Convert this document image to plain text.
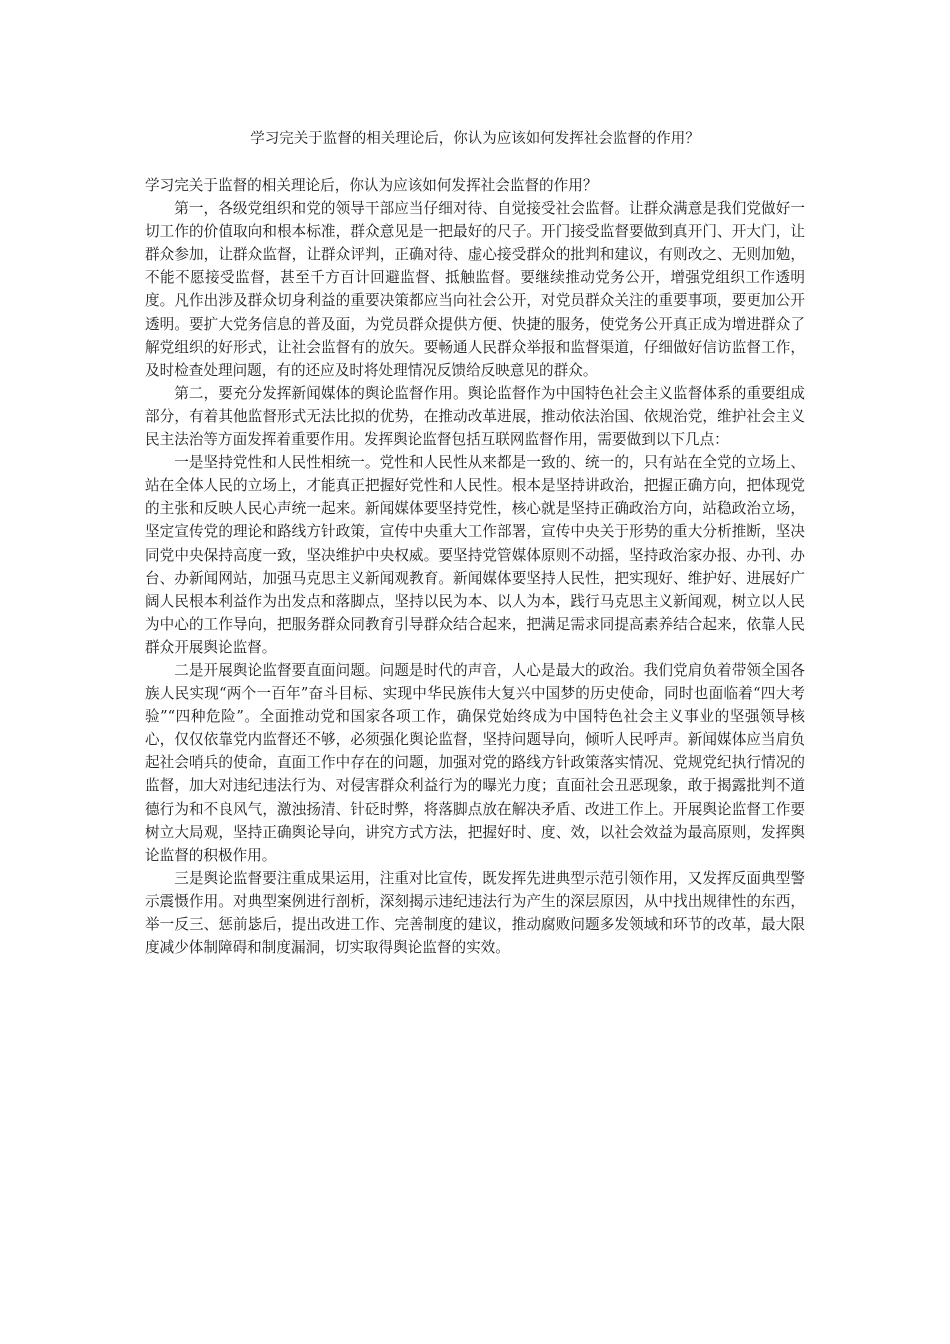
学习完关于监督的相关理论后，你认为应该如何发挥社会监督的作用？

学习完关于监督的相关理论后，你认为应该如何发挥社会监督的作用？

第一，各级党组织和党的领导干部应当仔细对待、自觉接受社会监督。让群众满意是我们党做好一切工作的价值取向和根本标准，群众意见是一把最好的尺子。开门接受监督要做到真开门、开大门，让群众参加，让群众监督，让群众评判，正确对待、虚心接受群众的批判和建议，有则改之、无则加勉，不能不愿接受监督，甚至千方百计回避监督、抵触监督。要继续推动党务公开，增强党组织工作透明度。凡作出涉及群众切身利益的重要决策都应当向社会公开，对党员群众关注的重要事项，要更加公开透明。要扩大党务信息的普及面，为党员群众提供方便、快捷的服务，使党务公开真正成为增进群众了解党组织的好形式，让社会监督有的放矢。要畅通人民群众举报和监督渠道，仔细做好信访监督工作，及时检查处理问题，有的还应及时将处理情况反馈给反映意见的群众。

第二，要充分发挥新闻媒体的舆论监督作用。舆论监督作为中国特色社会主义监督体系的重要组成部分，有着其他监督形式无法比拟的优势，在推动改革进展，推动依法治国、依规治党，维护社会主义民主法治等方面发挥着重要作用。发挥舆论监督包括互联网监督作用，需要做到以下几点：

一是坚持党性和人民性相统一。党性和人民性从来都是一致的、统一的，只有站在全党的立场上、站在全体人民的立场上，才能真正把握好党性和人民性。根本是坚持讲政治，把握正确方向，把体现党的主张和反映人民心声统一起来。新闻媒体要坚持党性，核心就是坚持正确政治方向，站稳政治立场，坚定宣传党的理论和路线方针政策，宣传中央重大工作部署，宣传中央关于形势的重大分析推断，坚决同党中央保持高度一致，坚决维护中央权威。要坚持党管媒体原则不动摇，坚持政治家办报、办刊、办台、办新闻网站，加强马克思主义新闻观教育。新闻媒体要坚持人民性，把实现好、维护好、进展好广阔人民根本利益作为出发点和落脚点，坚持以民为本、以人为本，践行马克思主义新闻观，树立以人民为中心的工作导向，把服务群众同教育引导群众结合起来，把满足需求同提高素养结合起来，依靠人民群众开展舆论监督。

二是开展舆论监督要直面问题。问题是时代的声音，人心是最大的政治。我们党肩负着带领全国各族人民实现“两个一百年”奋斗目标、实现中华民族伟大复兴中国梦的历史使命，同时也面临着“四大考验”“四种危险”。全面推动党和国家各项工作，确保党始终成为中国特色社会主义事业的坚强领导核心，仅仅依靠党内监督还不够，必须强化舆论监督，坚持问题导向，倾听人民呼声。新闻媒体应当肩负起社会哨兵的使命，直面工作中存在的问题，加强对党的路线方针政策落实情况、党规党纪执行情况的监督，加大对违纪违法行为、对侵害群众利益行为的曝光力度；直面社会丑恶现象，敢于揭露批判不道德行为和不良风气，激浊扬清、针砭时弊，将落脚点放在解决矛盾、改进工作上。开展舆论监督工作要树立大局观，坚持正确舆论导向，讲究方式方法，把握好时、度、效，以社会效益为最高原则，发挥舆论监督的积极作用。

三是舆论监督要注重成果运用，注重对比宣传，既发挥先进典型示范引领作用，又发挥反面典型警示震慑作用。对典型案例进行剖析，深刻揭示违纪违法行为产生的深层原因，从中找出规律性的东西，举一反三、惩前毖后，提出改进工作、完善制度的建议，推动腐败问题多发领域和环节的改革，最大限度减少体制障碍和制度漏洞，切实取得舆论监督的实效。
